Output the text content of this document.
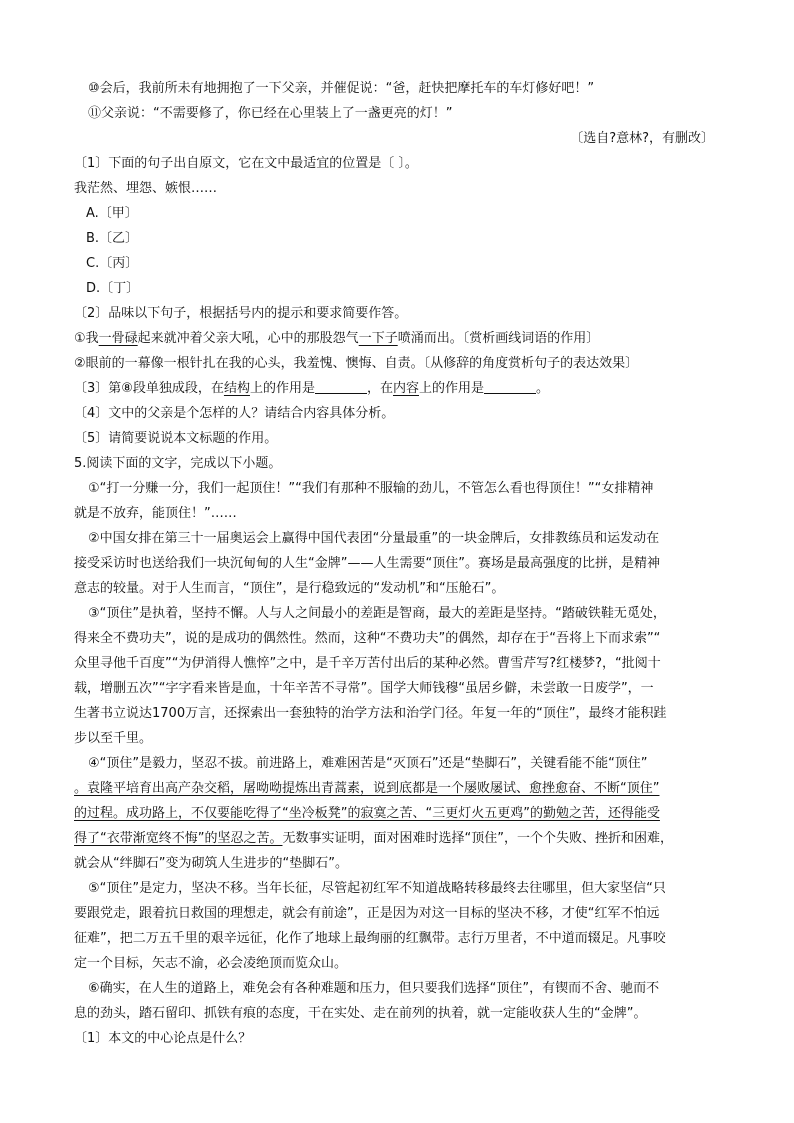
⑩会后，我前所未有地拥抱了一下父亲，并催促说：“爸，赶快把摩托车的车灯修好吧！”
⑪父亲说：“不需要修了，你已经在心里装上了一盏更亮的灯！”
〔选自?意林?，有删改〕
〔1〕下面的句子出自原文，它在文中最适宜的位置是〔 〕。
我茫然、埋怨、嫉恨……
A.〔甲〕
B.〔乙〕
C.〔丙〕
D.〔丁〕
〔2〕品味以下句子，根据括号内的提示和要求简要作答。
①我一骨碌起来就冲着父亲大吼，心中的那股怨气一下子喷涌而出。〔赏析画线词语的作用〕
②眼前的一幕像一根针扎在我的心头，我羞愧、懊悔、自责。〔从修辞的角度赏析句子的表达效果〕
〔3〕第⑧段单独成段，在结构上的作用是	，在内容上的作用是	。
〔4〕文中的父亲是个怎样的人？请结合内容具体分析。
〔5〕请简要说说本文标题的作用。
5.阅读下面的文字，完成以下小题。
①“打一分赚一分，我们一起顶住！”“我们有那种不服输的劲儿，不管怎么看也得顶住！”“女排精神
就是不放弃，能顶住！”……
②中国女排在第三十一届奥运会上赢得中国代表团“分量最重”的一块金牌后，女排教练员和运发动在
接受采访时也送给我们一块沉甸甸的人生“金牌”——人生需要“顶住”。赛场是最高强度的比拼，是精神
意志的较量。对于人生而言，“顶住”，是行稳致远的“发动机”和“压舱石”。
③“顶住”是执着，坚持不懈。人与人之间最小的差距是智商，最大的差距是坚持。“踏破铁鞋无觅处，
得来全不费功夫”，说的是成功的偶然性。然而，这种“不费功夫”的偶然，却存在于“吾将上下而求索”“
众里寻他千百度”“为伊消得人憔悴”之中，是千辛万苦付出后的某种必然。曹雪芹写?红楼梦?，“批阅十
载，增删五次”“字字看来皆是血，十年辛苦不寻常”。国学大师钱穆“虽居乡僻，未尝敢一日废学”，一
生著书立说达1700万言，还探索出一套独特的治学方法和治学门径。年复一年的“顶住”，最终才能积跬
步以至千里。
④“顶住”是毅力，坚忍不拔。前进路上，难难困苦是“灭顶石”还是“垫脚石”，关键看能不能“顶住”
。袁隆平培育出高产杂交稻，屠呦呦提炼出青蒿素，说到底都是一个屡败屡试、愈挫愈奋、不断“顶住”
的过程。成功路上，不仅要能吃得了“坐冷板凳”的寂寞之苦、“三更灯火五更鸡”的勤勉之苦，还得能受
得了“衣带渐宽终不悔”的坚忍之苦。无数事实证明，面对困难时选择“顶住”，一个个失败、挫折和困难，
就会从“绊脚石”变为砌筑人生进步的“垫脚石”。
⑤“顶住”是定力，坚决不移。当年长征，尽管起初红军不知道战略转移最终去往哪里，但大家坚信“只
要跟党走，跟着抗日救国的理想走，就会有前途”，正是因为对这一目标的坚决不移，才使“红军不怕远
征难”，把二万五千里的艰辛远征，化作了地球上最绚丽的红飘带。志行万里者，不中道而辍足。凡事咬
定一个目标，矢志不渝，必会凌绝顶而览众山。
⑥确实，在人生的道路上，难免会有各种难题和压力，但只要我们选择“顶住”，有锲而不舍、驰而不
息的劲头，踏石留印、抓铁有痕的态度，干在实处、走在前列的执着，就一定能收获人生的“金牌”。
〔1〕本文的中心论点是什么？
